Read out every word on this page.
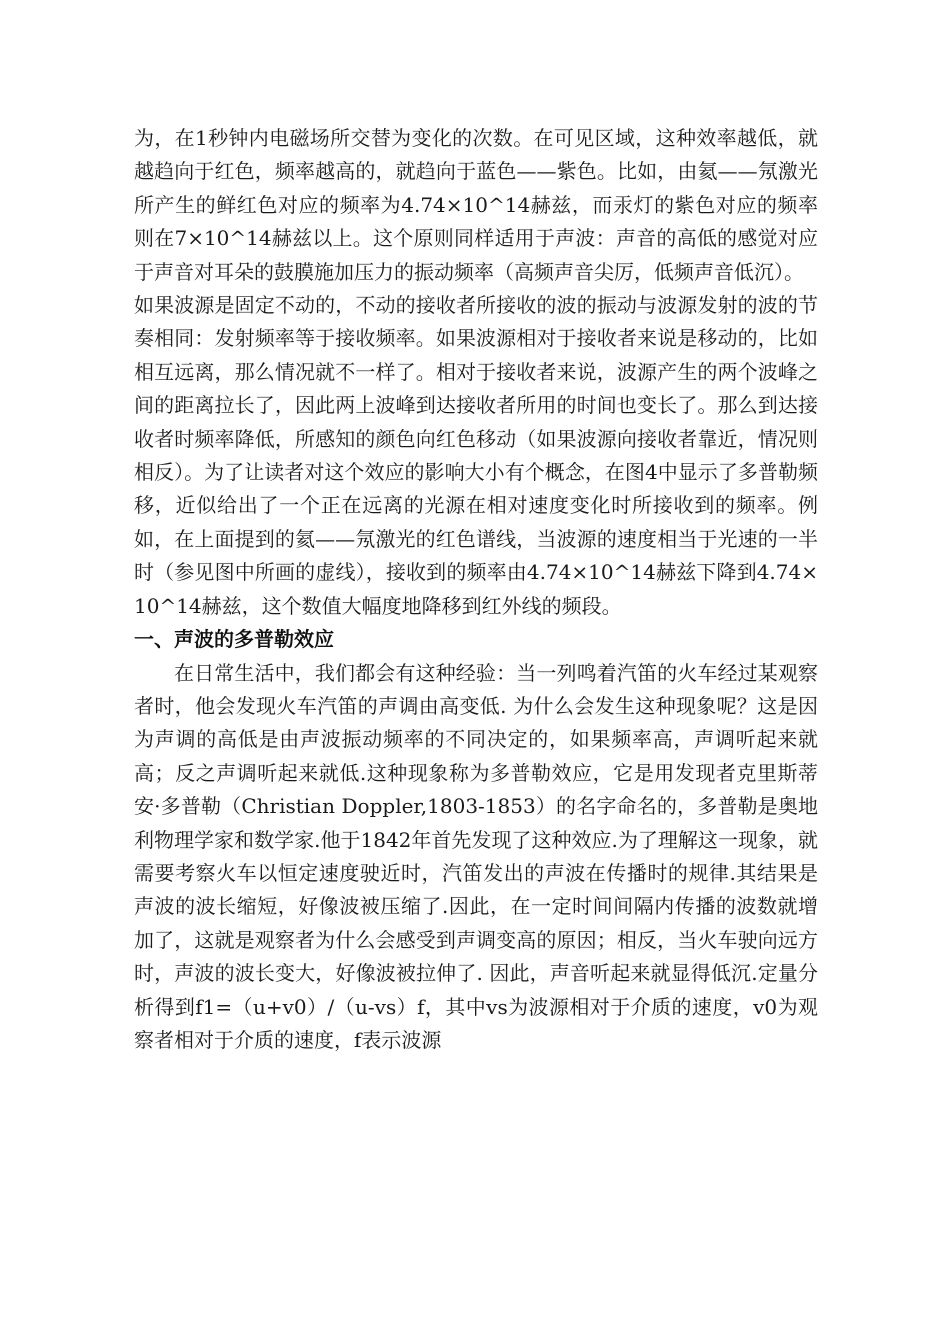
为，在1秒钟内电磁场所交替为变化的次数。在可见区域，这种效率越低，就越趋向于红色，频率越高的，就趋向于蓝色——紫色。比如，由氦——氖激光所产生的鲜红色对应的频率为4.74×10^14赫兹，而汞灯的紫色对应的频率则在7×10^14赫兹以上。这个原则同样适用于声波：声音的高低的感觉对应于声音对耳朵的鼓膜施加压力的振动频率（高频声音尖厉，低频声音低沉）。

如果波源是固定不动的，不动的接收者所接收的波的振动与波源发射的波的节奏相同：发射频率等于接收频率。如果波源相对于接收者来说是移动的，比如相互远离，那么情况就不一样了。相对于接收者来说，波源产生的两个波峰之间的距离拉长了，因此两上波峰到达接收者所用的时间也变长了。那么到达接收者时频率降低，所感知的颜色向红色移动（如果波源向接收者靠近，情况则相反）。为了让读者对这个效应的影响大小有个概念，在图4中显示了多普勒频移，近似给出了一个正在远离的光源在相对速度变化时所接收到的频率。例如，在上面提到的氦——氖激光的红色谱线，当波源的速度相当于光速的一半时（参见图中所画的虚线），接收到的频率由4.74×10^14赫兹下降到4.74×10^14赫兹，这个数值大幅度地降移到红外线的频段。

一、声波的多普勒效应

在日常生活中，我们都会有这种经验：当一列鸣着汽笛的火车经过某观察者时，他会发现火车汽笛的声调由高变低. 为什么会发生这种现象呢？这是因为声调的高低是由声波振动频率的不同决定的，如果频率高，声调听起来就高；反之声调听起来就低.这种现象称为多普勒效应，它是用发现者克里斯蒂安·多普勒（Christian Doppler,1803-1853）的名字命名的，多普勒是奥地利物理学家和数学家.他于1842年首先发现了这种效应.为了理解这一现象，就需要考察火车以恒定速度驶近时，汽笛发出的声波在传播时的规律.其结果是声波的波长缩短，好像波被压缩了.因此，在一定时间间隔内传播的波数就增加了，这就是观察者为什么会感受到声调变高的原因；相反，当火车驶向远方时，声波的波长变大，好像波被拉伸了. 因此，声音听起来就显得低沉.定量分析得到f1=（u+v0）/（u-vs）f，其中vs为波源相对于介质的速度，v0为观察者相对于介质的速度，f表示波源
